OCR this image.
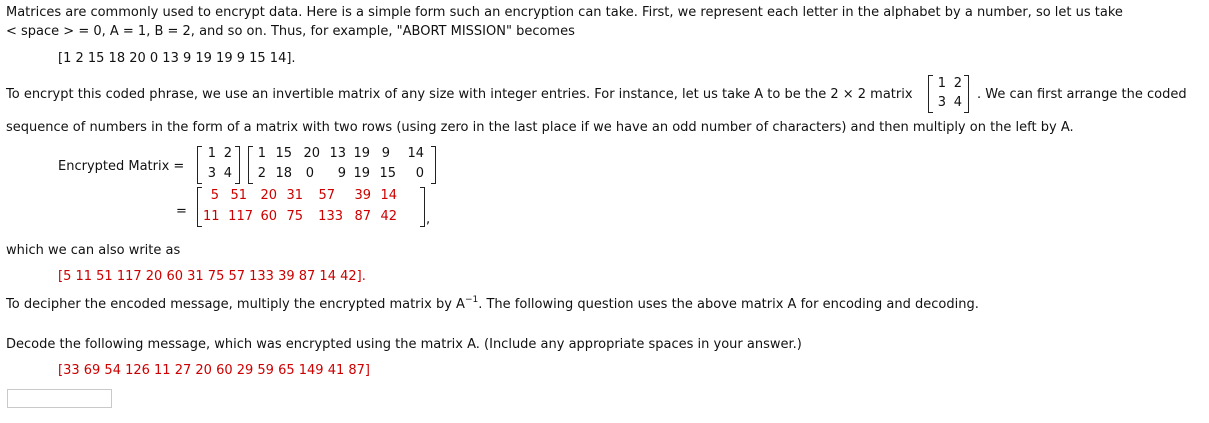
Matrices are commonly used to encrypt data. Here is a simple form such an encryption can take. First, we represent each letter in the alphabet by a number, so let us take
< space > = 0, A = 1, B = 2, and so on. Thus, for example, "ABORT MISSION" becomes
[1 2 15 18 20 0 13 9 19 19 9 15 14].
To encrypt this coded phrase, we use an invertible matrix of any size with integer entries. For instance, let us take A to be the 2 × 2 matrix
1 2
3 4
. We can first arrange the coded
sequence of numbers in the form of a matrix with two rows (using zero in the last place if we have an odd number of characters) and then multiply on the left by A.
Encrypted Matrix =
1 2
3 4
1 15 20 13 19 9	14
2 18	0	9 19 15	0
=
5 51	20 31	57	39 14
11 117 60 75	133 87 42 ,
which we can also write as
[5 11 51 117 20 60 31 75 57 133 39 87 14 42].
To decipher the encoded message, multiply the encrypted matrix by $A^{-1}$. The following question uses the above matrix A for encoding and decoding.
Decode the following message, which was encrypted using the matrix A. (Include any appropriate spaces in your answer.)
[33 69 54 126 11 27 20 60 29 59 65 149 41 87]
